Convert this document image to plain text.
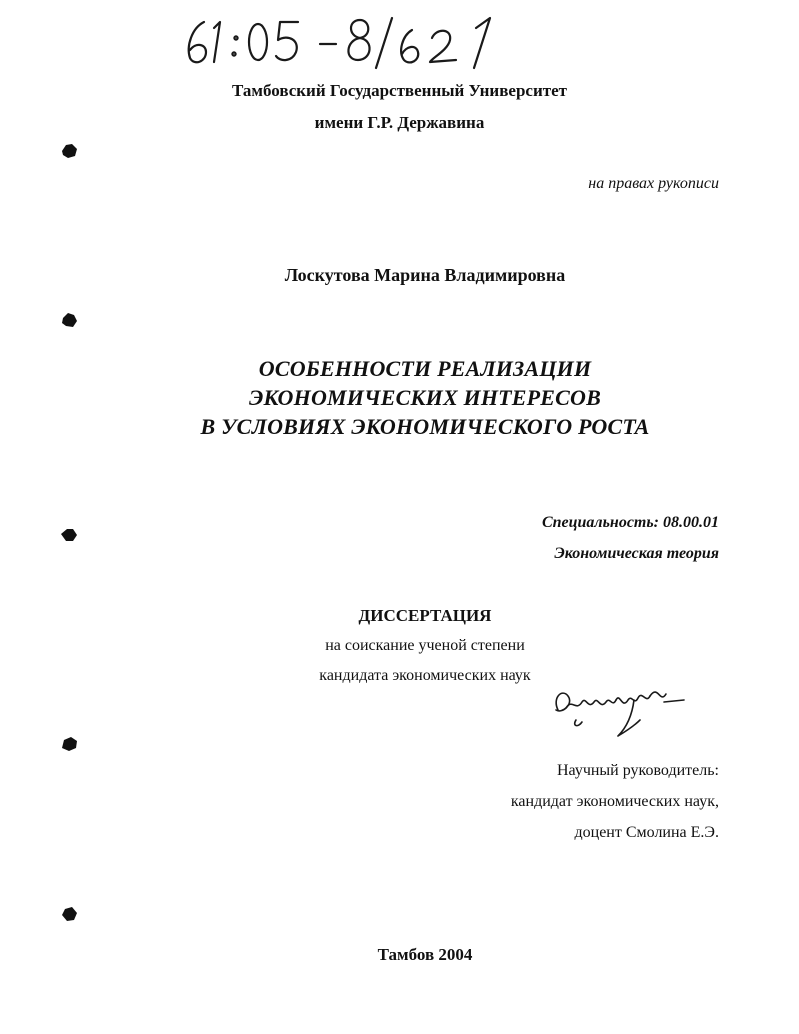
Тамбовский Государственный Университет
имени Г.Р. Державина
на правах рукописи
Лоскутова Марина Владимировна
ОСОБЕННОСТИ РЕАЛИЗАЦИИ
ЭКОНОМИЧЕСКИХ ИНТЕРЕСОВ
В УСЛОВИЯХ ЭКОНОМИЧЕСКОГО РОСТА
Специальность: 08.00.01
Экономическая теория
ДИССЕРТАЦИЯ
на соискание ученой степени
кандидата экономических наук
Научный руководитель:
кандидат экономических наук,
доцент Смолина Е.Э.
Тамбов 2004
